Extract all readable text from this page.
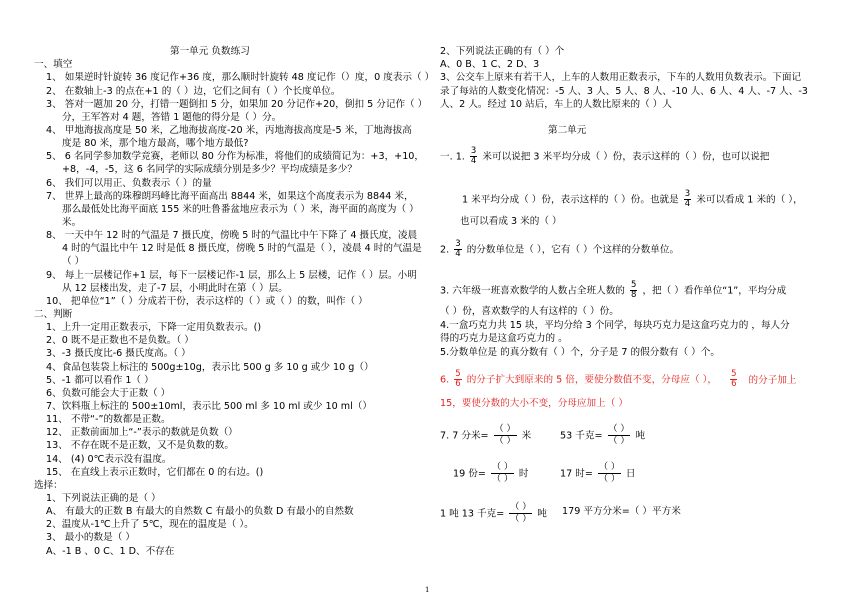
第一单元 负数练习
一、填空
1、 如果逆时针旋转 36 度记作+36 度，那么顺时针旋转 48 度记作（）度，0 度表示（ ）
2、 在数轴上-3 的点在+1 的（ ）边，它们之间有（ ）个长度单位。
3、 答对一题加 20 分，打错一题倒扣 5 分，如果加 20 分记作+20，倒扣 5 分记作（ ）
分，王军答对 4 题，答错 1 题他的得分是（ ）分。
4、 甲地海拔高度是 50 米，乙地海拔高度-20 米，丙地海拔高度是-5 米，丁地海拔高
度是 80 米，那个地方最高，哪个地方最低?
5、 6 名同学参加数学竞赛，老师以 80 分作为标准，将他们的成绩简记为：+3，+10，
+8，-4，-5，这 6 名同学的实际成绩分别是多少？平均成绩是多少？
6、 我们可以用正、负数表示（ ）的量
7、 世界上最高的珠穆朗玛峰比海平面高出 8844 米，如果这个高度表示为 8844 米，
那么最低处比海平面底 155 米的吐鲁番盆地应表示为（ ）米，海平面的高度为（ ）
米。
8、 一天中午 12 时的气温是 7 摄氏度，傍晚 5 时的气温比中午下降了 4 摄氏度，凌晨
4 时的气温比中午 12 时是低 8 摄氏度，傍晚 5 时的气温是（ ），凌晨 4 时的气温是
（ ）
9、 每上一层楼记作+1 层，每下一层楼记作-1 层，那么上 5 层楼，记作（ ）层。小明
从 12 层楼出发，走了-7 层，小明此时在第（ ）层。
10、 把单位“1”（ ）分成若干份，表示这样的（ ）或（ ）的数，叫作（ ）
二、判断
1、上升一定用正数表示，下降一定用负数表示。()
2、0 既不是正数也不是负数。（ ）
3、-3 摄氏度比-6 摄氏度高。（ ）
4、食品包装袋上标注的 500g±10g，表示比 500 g 多 10 g 或少 10 g（）
5、-1 都可以看作 1（ ）
6、负数可能会大于正数（ ）
7、饮料瓶上标注的 500±10ml，表示比 500 ml 多 10 ml 或少 10 ml（）
11、 不带“-”的数都是正数。
12、 正数前面加上“-”表示的数就是负数（）
13、 不存在既不是正数，又不是负数的数。
14、 (4) 0℃表示没有温度。
15、 在直线上表示正数时，它们都在 0 的右边。()
选择：
1、下列说法正确的是（ ）
A、 有最大的正数 B 有最大的自然数 C 有最小的负数 D 有最小的自然数
2、温度从-1℃上升了 5℃，现在的温度是（ ）。
3、 最小的数是（ ）
A、-1 B 、0 C、1 D、不存在
2、下列说法正确的有（ ）个
A、0 B、1 C、2 D、3
3、公交车上原来有若干人，上车的人数用正数表示，下车的人数用负数表示。下面记
录了每站的人数变化情况：-5 人、3 人、5 人、8 人、-10 人、6 人、4 人、-7 人、-3
人、2 人。经过 10 站后，车上的人数比原来的（ ）人
第二单元
一. 1. $\frac{3}{4}$ 米可以说把 3 米平均分成（ ）份，表示这样的（ ）份，也可以说把
1 米平均分成（ ）份，表示这样的（ ）份。也就是 $\frac{3}{4}$ 米可以看成 1 米的（ ），
也可以看成 3 米的（ ）
2. $\frac{3}{4}$ 的分数单位是（ ），它有（ ）个这样的分数单位。
3. 六年级一班喜欢数学的人数占全班人数的 $\frac{5}{8}$ ，把（ ）看作单位“1”，平均分成
（ ）份，喜欢数学的人有这样的（ ）份。
4.一盒巧克力共 15 块，平均分给 3 个同学，每块巧克力是这盒巧克力的 ，每人分
得的巧克力是这盒巧克力的 。
5.分数单位是 的真分数有（ ）个，分子是 7 的假分数有（ ）个。
6. $\frac{5}{6}$ 的分子扩大到原来的 5 倍，要使分数值不变，分母应（ ）， $\frac{5}{6}$ 的分子加上
15，要使分数的大小不变，分母应加上（ ）
7. 7 分米= $\frac{( )}{( )}$ 米	53 千克= $\frac{( )}{( )}$ 吨
19 份= $\frac{( )}{( )}$ 时	17 时= $\frac{( )}{( )}$ 日
1 吨 13 千克= $\frac{( )}{( )}$ 吨 179 平方分米=（ ）平方米
1
